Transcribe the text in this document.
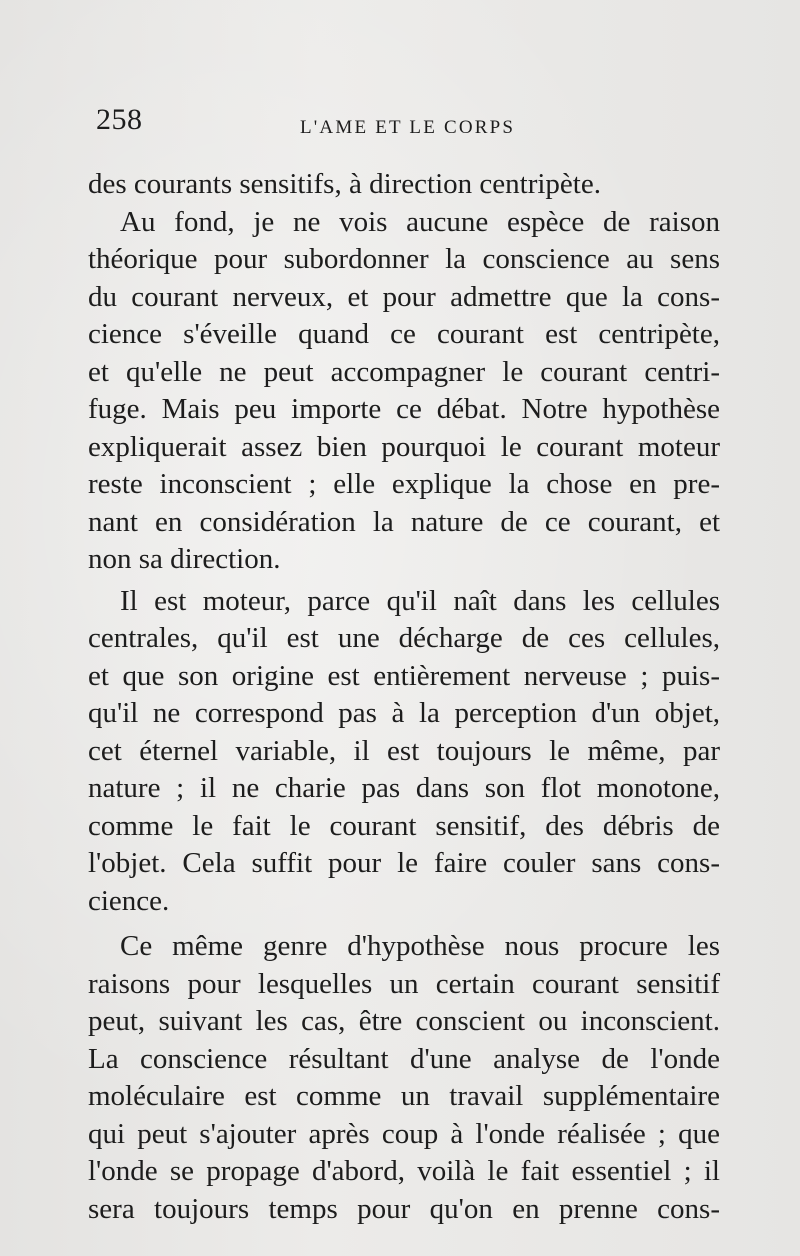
258	L'AME ET LE CORPS
des courants sensitifs, à direction centripète.
Au fond, je ne vois aucune espèce de raison
théorique pour subordonner la conscience au sens
du courant nerveux, et pour admettre que la cons-
cience s'éveille quand ce courant est centripète,
et qu'elle ne peut accompagner le courant centri-
fuge. Mais peu importe ce débat. Notre hypothèse
expliquerait assez bien pourquoi le courant moteur
reste inconscient ; elle explique la chose en pre-
nant en considération la nature de ce courant, et
non sa direction.
Il est moteur, parce qu'il naît dans les cellules
centrales, qu'il est une décharge de ces cellules,
et que son origine est entièrement nerveuse ; puis-
qu'il ne correspond pas à la perception d'un objet,
cet éternel variable, il est toujours le même, par
nature ; il ne charie pas dans son flot monotone,
comme le fait le courant sensitif, des débris de
l'objet. Cela suffit pour le faire couler sans cons-
cience.
Ce même genre d'hypothèse nous procure les
raisons pour lesquelles un certain courant sensitif
peut, suivant les cas, être conscient ou inconscient.
La conscience résultant d'une analyse de l'onde
moléculaire est comme un travail supplémentaire
qui peut s'ajouter après coup à l'onde réalisée ; que
l'onde se propage d'abord, voilà le fait essentiel ; il
sera toujours temps pour qu'on en prenne cons-
